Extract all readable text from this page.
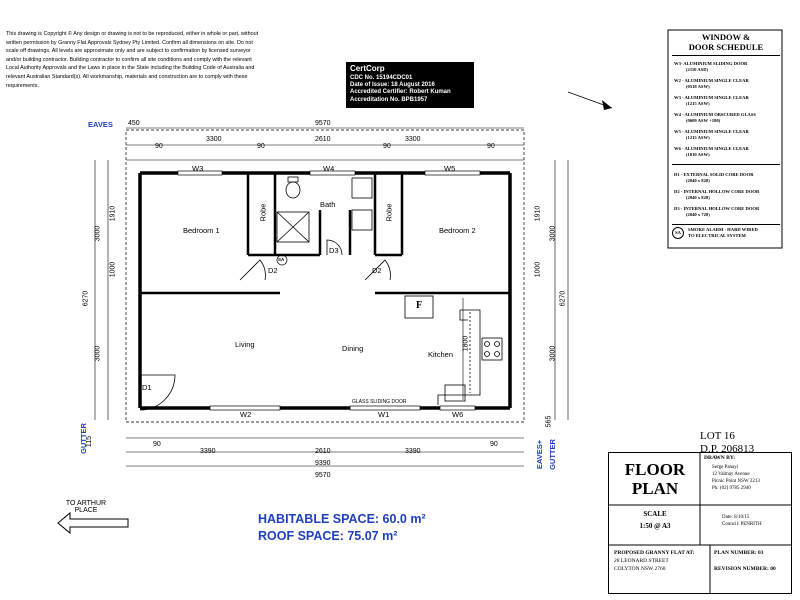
This drawing is Copyright © Any design or drawing is not to be reproduced, either in whole or part, without written permission by Granny Flat Approvals Sydney Pty Limited. Confirm all dimensions on site. Do not scale off drawings. All levels are approximate only and are subject to confirmation by licensed surveyor and/or building contractor. Building contractor to confirm all site conditions and comply with the relevant Local Authority Approvals and the Laws in place in the State including the Building Code of Australia and relevant Australian Standard(s). All workmanship, materials and construction are to comply with these requirements.
CertCorp
CDC No. 15194CDC01
Date of Issue: 18 August 2016
Accredited Certifier: Robert Kuman
Accreditation No. BPB1957
WINDOW &
DOOR SCHEDULE
W3- ALUMINIUM SLIDING DOOR
(2110 ASD)
W2 - ALUMINIUM SINGLE CLEAR
(0518 ASW)
W3 - ALUMINIUM SINGLE CLEAR
(1215 ASW)
W4 - ALUMINIUM OBSCURED GLASS
(0609 ASW +180)
W5 - ALUMINIUM SINGLE CLEAR
(1215 ASW)
W6 - ALUMINIUM SINGLE CLEAR
(1010 ASW)
D1 - EXTERNAL SOLID CORE DOOR
(2040 x 820)
D2 - INTERNAL HOLLOW CORE DOOR
(2040 x 820)
D3 - INTERNAL HOLLOW CORE DOOR
(2040 x 720)
SA
SMOKE ALARM - HARD WIRED
TO ELECTRICAL SYSTEM
EAVES 450	9570
3300	2610	3300
90	90	90	90
W3	W4	W5
Bedroom 1	Bedroom 2
Bath
Robe	Robe
D3
D2	D2
SA
Living	Dining
Kitchen
F
1800
D1
GLASS SLIDING DOOR
W2	W1	W6
90	90
3390	2610	3390
9390
9570
6270
3000
3000
1910
1000
6270
3000
3000
1910
1000
GUTTER
115	EAVES+ GUTTER
565
TO ARTHUR
PLACE
HABITABLE SPACE: 60.0 m²
ROOF SPACE: 75.07 m²
LOT 16
D.P. 206813
FLOOR
PLAN
DRAWN BY:
Serge Panayi
12 Valmay Avenue
Picnic Point NSW 2213
Ph: (02) 9785 2940
SCALE
1:50 @ A3
Date: 8/10/15
Council: PENRITH
PROPOSED GRANNY FLAT AT:
28 LEONARD STREET
COLYTON NSW 2760
PLAN NUMBER: 03
REVISION NUMBER: 00
